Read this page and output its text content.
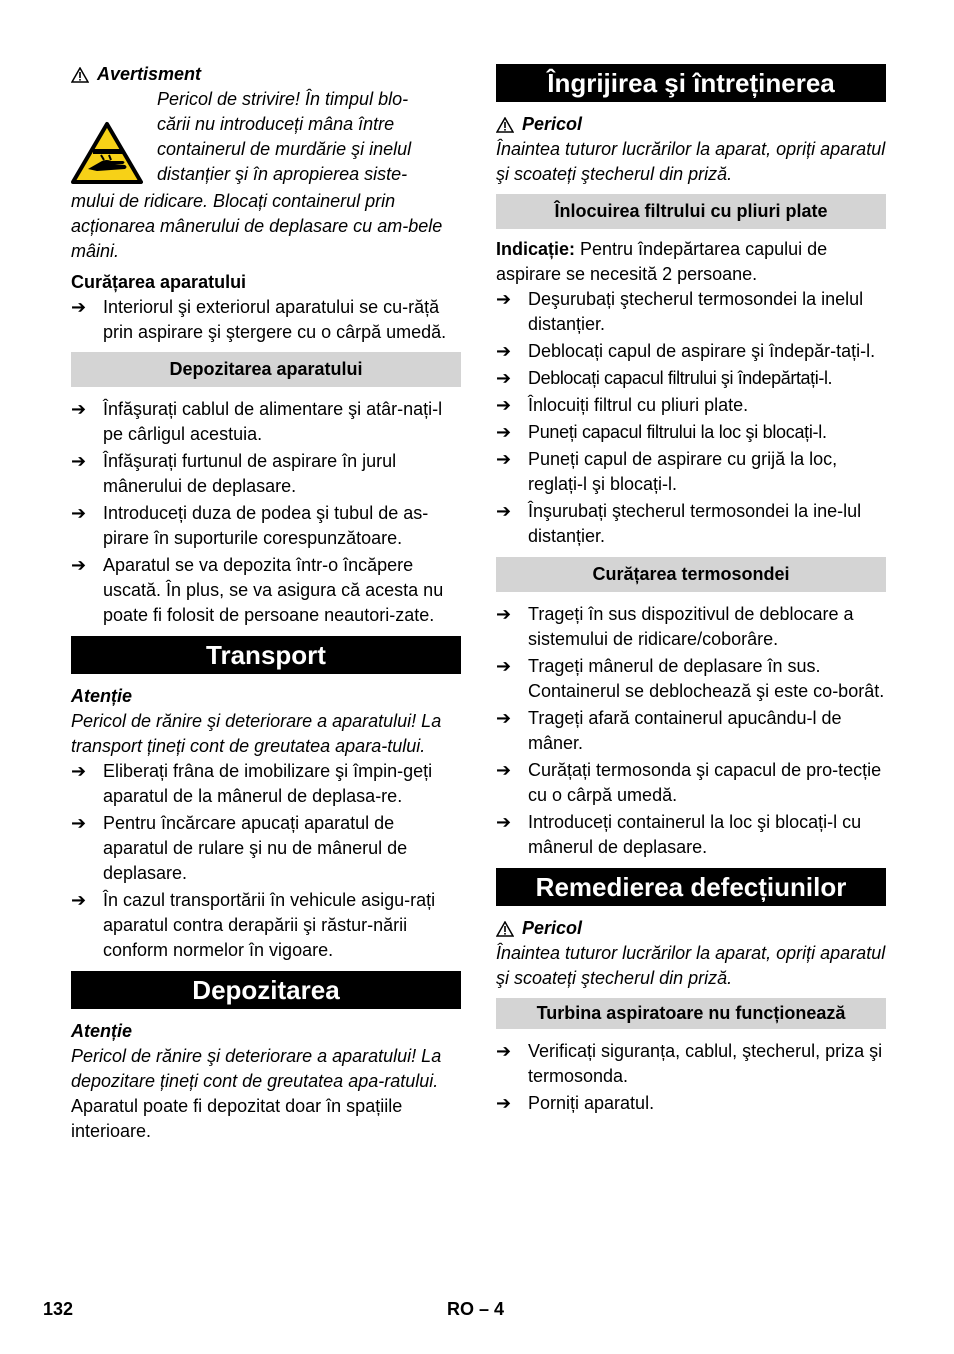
Avertisment

Pericol de strivire! În timpul blo-

cării nu introduceți mâna între

containerul de murdărie şi inelul

distanțier şi în apropierea siste-

mului de ridicare. Blocați containerul prin acționarea mânerului de deplasare cu am-bele mâini.

Curățarea aparatului

➔ Interiorul şi exteriorul aparatului se cu-răță prin aspirare şi ştergere cu o cârpă umedă.
Depozitarea aparatului
➔ Înfăşurați cablul de alimentare şi atâr-nați-l pe cârligul acestuia.
➔ Înfăşurați furtunul de aspirare în jurul mânerului de deplasare.
➔ Introduceți duza de podea şi tubul de as-pirare în suporturile corespunzătoare.
➔ Aparatul se va depozita într-o încăpere uscată. În plus, se va asigura că acesta nu poate fi folosit de persoane neautori-zate.
Transport

Atenție

Pericol de rănire şi deteriorare a aparatului! La transport țineți cont de greutatea apara-tului.

➔ Eliberați frâna de imobilizare şi împin-geți aparatul de la mânerul de deplasa-re.
➔ Pentru încărcare apucați aparatul de aparatul de rulare şi nu de mânerul de deplasare.
➔ În cazul transportării în vehicule asigu-rați aparatul contra derapării şi răstur-nării conform normelor în vigoare.
Depozitarea

Atenție

Pericol de rănire şi deteriorare a aparatului! La depozitare țineți cont de greutatea apa-ratului.

Aparatul poate fi depozitat doar în spațiile interioare.

Îngrijirea şi întreținerea
Pericol

Înaintea tuturor lucrărilor la aparat, opriți aparatul şi scoateți ştecherul din priză.

Înlocuirea filtrului cu pliuri plate

Indicație: Pentru îndepărtarea capului de aspirare se necesită 2 persoane.

➔ Deşurubați ştecherul termosondei la inelul distanțier.
➔ Deblocați capul de aspirare şi îndepăr-tați-l.
➔ Deblocați capacul filtrului şi îndepărtați-l.
➔ Înlocuiți filtrul cu pliuri plate.
➔ Puneți capacul filtrului la loc şi blocați-l.
➔ Puneți capul de aspirare cu grijă la loc, reglați-l şi blocați-l.
➔ Înşurubați ştecherul termosondei la ine-lul distanțier.
Curățarea termosondei
➔ Trageți în sus dispozitivul de deblocare a sistemului de ridicare/coborâre.
➔ Trageți mânerul de deplasare în sus. Containerul se deblochează şi este co-borât.
➔ Trageți afară containerul apucându-l de mâner.
➔ Curățați termosonda şi capacul de pro-tecție cu o cârpă umedă.
➔ Introduceți containerul la loc şi blocați-l cu mânerul de deplasare.
Remedierea defecțiunilor
Pericol

Înaintea tuturor lucrărilor la aparat, opriți aparatul şi scoateți ştecherul din priză.

Turbina aspiratoare nu funcționează
➔ Verificați siguranța, cablul, ştecherul, priza şi termosonda.
➔ Porniți aparatul.
132	RO – 4
